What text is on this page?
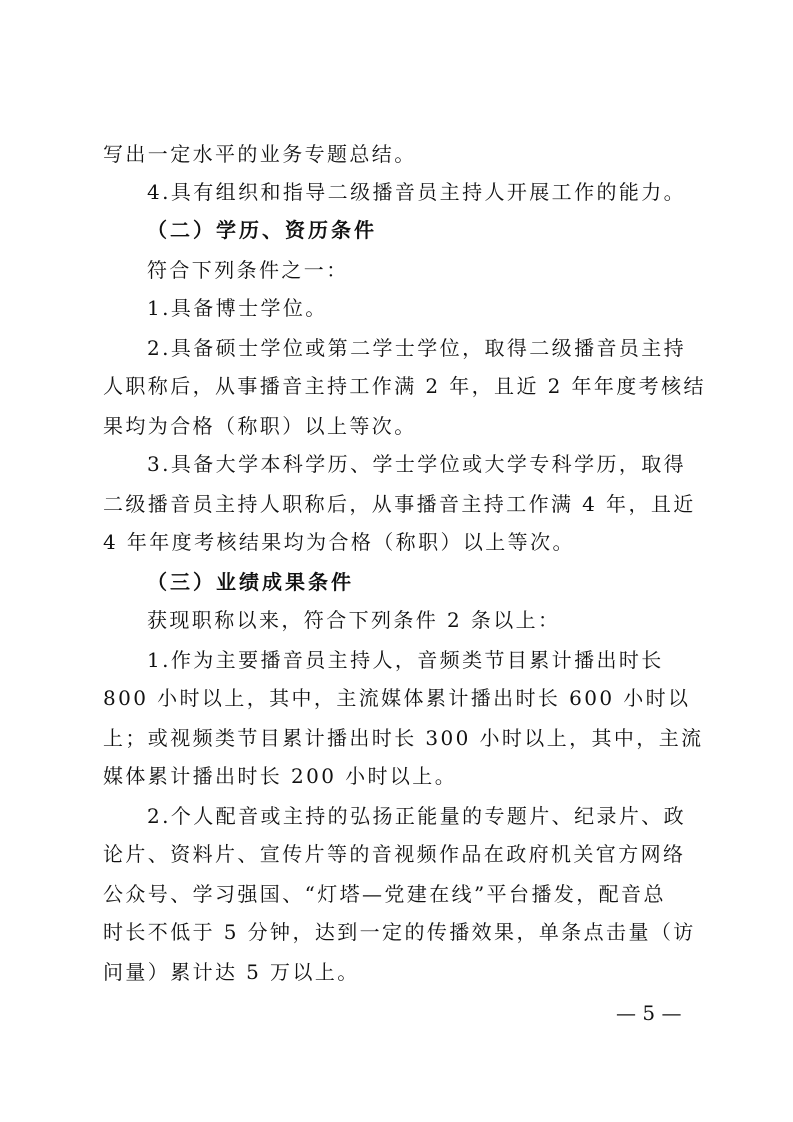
写出一定水平的业务专题总结。
4.具有组织和指导二级播音员主持人开展工作的能力。
（二）学历、资历条件
符合下列条件之一：
1.具备博士学位。
2.具备硕士学位或第二学士学位，取得二级播音员主持
人职称后，从事播音主持工作满 2 年，且近 2 年年度考核结
果均为合格（称职）以上等次。
3.具备大学本科学历、学士学位或大学专科学历，取得
二级播音员主持人职称后，从事播音主持工作满 4 年，且近
4 年年度考核结果均为合格（称职）以上等次。
（三）业绩成果条件
获现职称以来，符合下列条件 2 条以上：
1.作为主要播音员主持人，音频类节目累计播出时长
800 小时以上，其中，主流媒体累计播出时长 600 小时以
上；或视频类节目累计播出时长 300 小时以上，其中，主流
媒体累计播出时长 200 小时以上。
2.个人配音或主持的弘扬正能量的专题片、纪录片、政
论片、资料片、宣传片等的音视频作品在政府机关官方网络
公众号、学习强国、“灯塔—党建在线”平台播发，配音总
时长不低于 5 分钟，达到一定的传播效果，单条点击量（访
问量）累计达 5 万以上。
— 5 —
